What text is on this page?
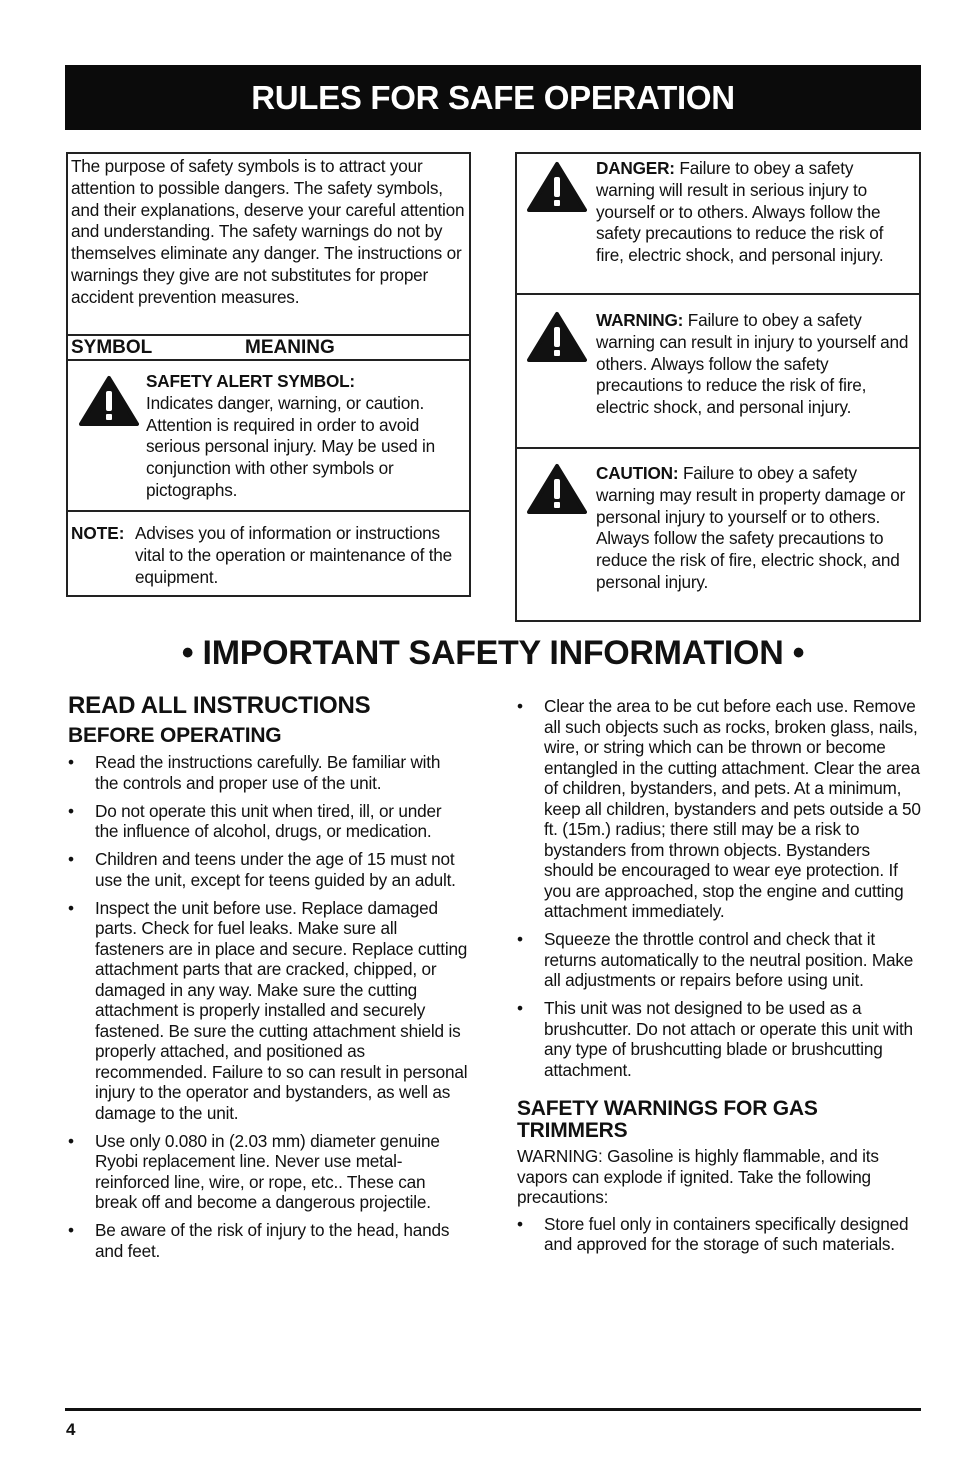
RULES FOR SAFE OPERATION
The purpose of safety symbols is to attract your attention to possible dangers. The safety symbols, and their explanations, deserve your careful attention and understanding. The safety warnings do not by themselves eliminate any danger. The instructions or warnings they give are not substitutes for proper accident prevention measures.
SYMBOL	MEANING
SAFETY ALERT SYMBOL:
Indicates danger, warning, or caution. Attention is required in order to avoid serious personal injury. May be used in conjunction with other symbols or pictographs.
NOTE: Advises you of information or instructions vital to the operation or maintenance of the equipment.
DANGER: Failure to obey a safety warning will result in serious injury to yourself or to others. Always follow the safety precautions to reduce the risk of fire, electric shock, and personal injury.
WARNING: Failure to obey a safety warning can result in injury to yourself and others. Always follow the safety precautions to reduce the risk of fire, electric shock, and personal injury.
CAUTION: Failure to obey a safety warning may result in property damage or personal injury to yourself or to others. Always follow the safety precautions to reduce the risk of fire, electric shock, and personal injury.
• IMPORTANT SAFETY INFORMATION •
READ ALL INSTRUCTIONS
BEFORE OPERATING
• Read the instructions carefully. Be familiar with the controls and proper use of the unit.
• Do not operate this unit when tired, ill, or under the influence of alcohol, drugs, or medication.
• Children and teens under the age of 15 must not use the unit, except for teens guided by an adult.
• Inspect the unit before use. Replace damaged parts. Check for fuel leaks. Make sure all fasteners are in place and secure. Replace cutting attachment parts that are cracked, chipped, or damaged in any way. Make sure the cutting attachment is properly installed and securely fastened. Be sure the cutting attachment shield is properly attached, and positioned as recommended. Failure to so can result in personal injury to the operator and bystanders, as well as damage to the unit.
• Use only 0.080 in (2.03 mm) diameter genuine Ryobi replacement line. Never use metal-reinforced line, wire, or rope, etc.. These can break off and become a dangerous projectile.
• Be aware of the risk of injury to the head, hands and feet.
• Clear the area to be cut before each use. Remove all such objects such as rocks, broken glass, nails, wire, or string which can be thrown or become entangled in the cutting attachment. Clear the area of children, bystanders, and pets. At a minimum, keep all children, bystanders and pets outside a 50 ft. (15m.) radius; there still may be a risk to bystanders from thrown objects. Bystanders should be encouraged to wear eye protection. If you are approached, stop the engine and cutting attachment immediately.
• Squeeze the throttle control and check that it returns automatically to the neutral position. Make all adjustments or repairs before using unit.
• This unit was not designed to be used as a brushcutter. Do not attach or operate this unit with any type of brushcutting blade or brushcutting attachment.
SAFETY WARNINGS FOR GAS TRIMMERS
WARNING: Gasoline is highly flammable, and its vapors can explode if ignited. Take the following precautions:
• Store fuel only in containers specifically designed and approved for the storage of such materials.
4
